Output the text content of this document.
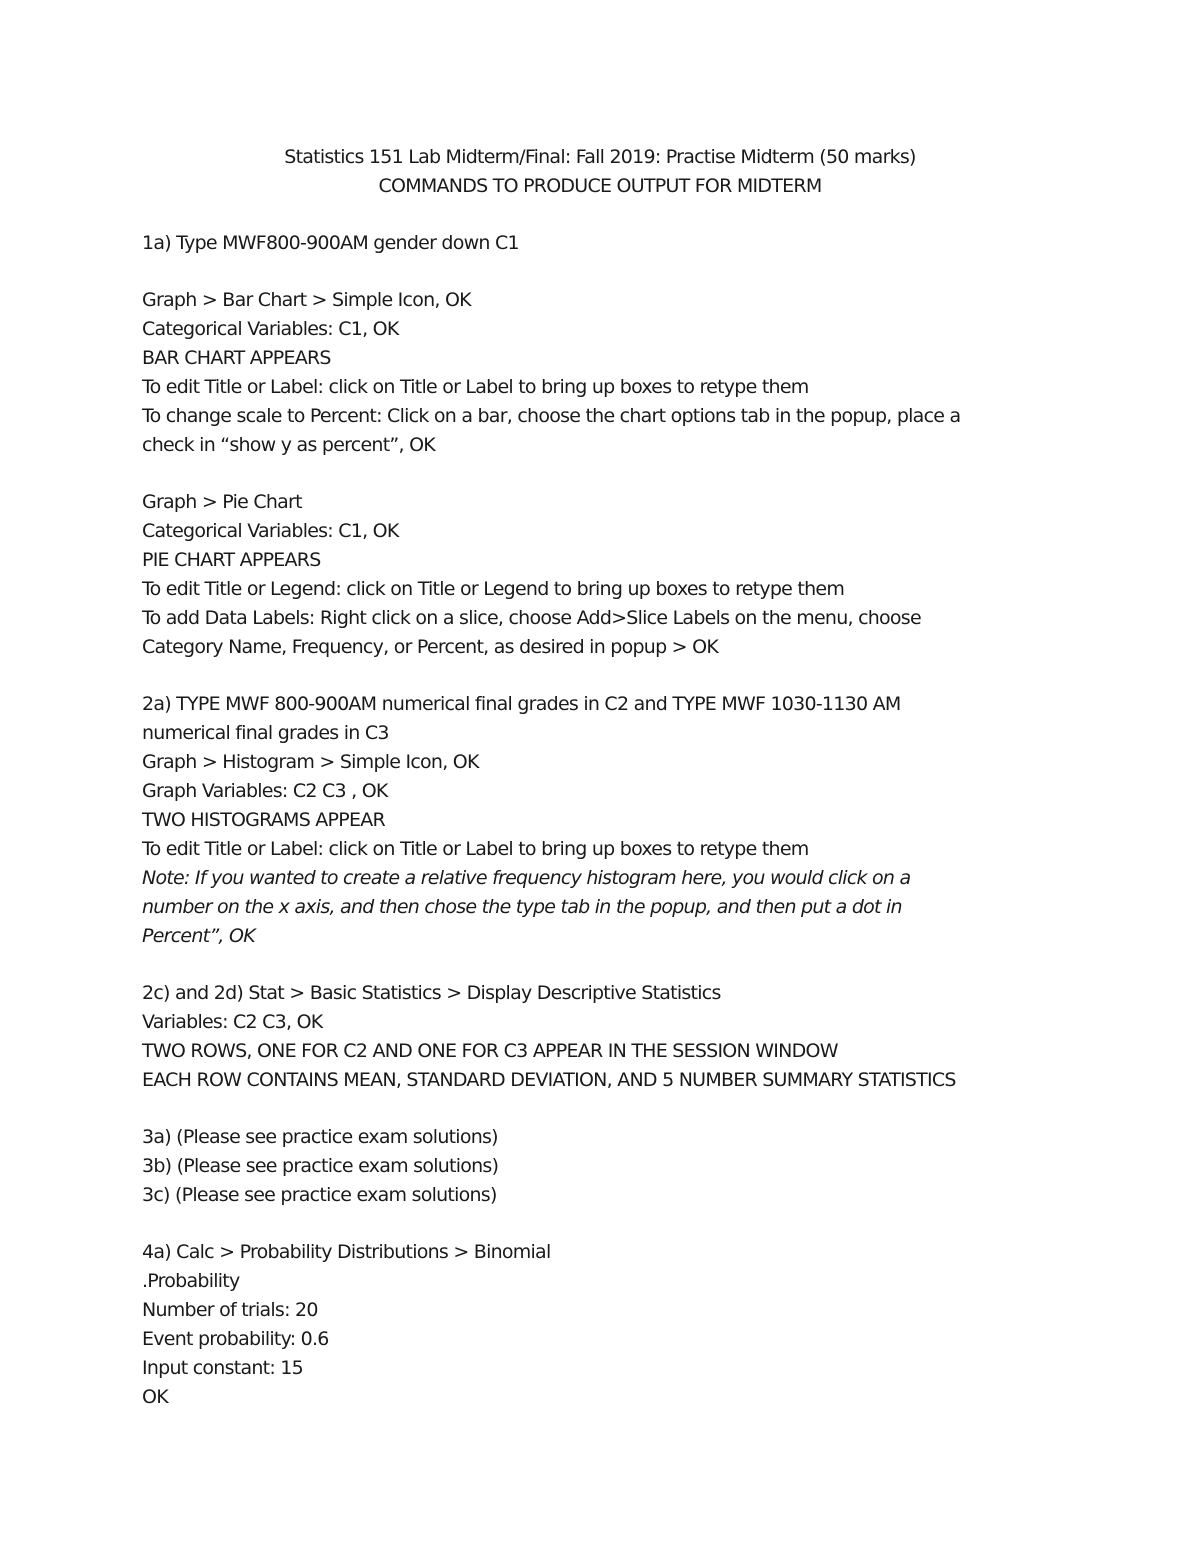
Statistics 151 Lab Midterm/Final: Fall 2019: Practise Midterm (50 marks)
COMMANDS TO PRODUCE OUTPUT FOR MIDTERM
1a) Type MWF800-900AM gender down C1
Graph > Bar Chart > Simple Icon, OK
Categorical Variables: C1, OK
BAR CHART APPEARS
To edit Title or Label: click on Title or Label to bring up boxes to retype them
To change scale to Percent: Click on a bar, choose the chart options tab in the popup, place a
check in “show y as percent”, OK
Graph > Pie Chart
Categorical Variables: C1, OK
PIE CHART APPEARS
To edit Title or Legend: click on Title or Legend to bring up boxes to retype them
To add Data Labels: Right click on a slice, choose Add>Slice Labels on the menu, choose
Category Name, Frequency, or Percent, as desired in popup > OK
2a) TYPE MWF 800-900AM numerical final grades in C2 and TYPE MWF 1030-1130 AM
numerical final grades in C3
Graph > Histogram > Simple Icon, OK
Graph Variables: C2 C3 , OK
TWO HISTOGRAMS APPEAR
To edit Title or Label: click on Title or Label to bring up boxes to retype them
Note: If you wanted to create a relative frequency histogram here, you would click on a
number on the x axis, and then chose the type tab in the popup, and then put a dot in
Percent”, OK
2c) and 2d) Stat > Basic Statistics > Display Descriptive Statistics
Variables: C2 C3, OK
TWO ROWS, ONE FOR C2 AND ONE FOR C3 APPEAR IN THE SESSION WINDOW
EACH ROW CONTAINS MEAN, STANDARD DEVIATION, AND 5 NUMBER SUMMARY STATISTICS
3a) (Please see practice exam solutions)
3b) (Please see practice exam solutions)
3c) (Please see practice exam solutions)
4a) Calc > Probability Distributions > Binomial
.Probability
Number of trials: 20
Event probability: 0.6
Input constant: 15
OK
